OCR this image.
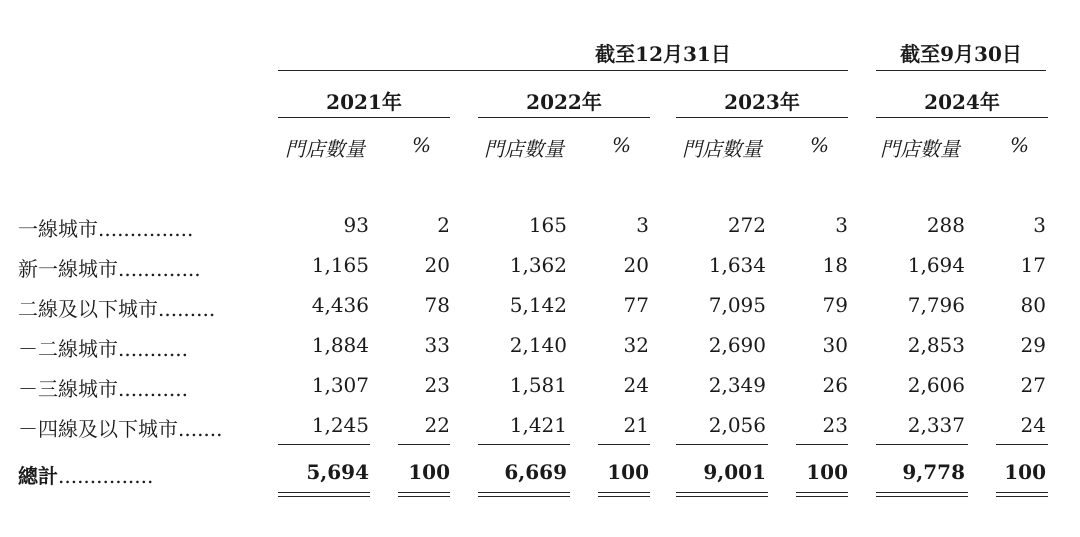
截至12月31日	截至9月30日
2021年	2022年	2023年	2024年
門店數量 %	門店數量 %	門店數量 %	門店數量	%
一線城市...............	93	2	165	3	272	3	288	3
新一線城市.............	1,165	20	1,362	20	1,634	18	1,694	17
二線及以下城市.........	4,436	78	5,142	77	7,095	79	7,796	80
－二線城市...........	1,884	33	2,140	32	2,690	30	2,853	29
－三線城市...........	1,307	23	1,581	24	2,349	26	2,606	27
－四線及以下城市.......	1,245	22	1,421	21	2,056	23	2,337	24
總計...............	5,694 100	6,669 100	9,001 100	9,778 100
